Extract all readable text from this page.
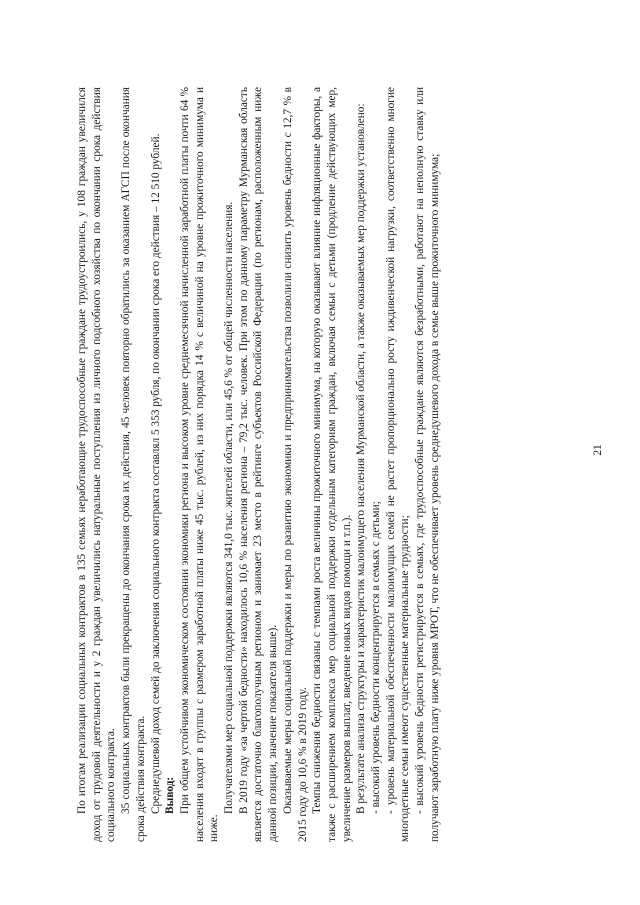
21

По итогам реализации социальных контрактов в 135 семьях неработающие трудоспособные граждане трудоустроились, у 108 граждан увеличился доход от трудовой деятельности и у 2 граждан увеличились натуральные поступления из личного подсобного хозяйства по окончании срока действия социального контракта. 35 социальных контрактов были прекращены до окончания срока их действия, 45 человек повторно обратились за оказанием АГСП после окончания срока действия контракта. Среднедушевой доход семей до заключения социального контракта составлял 5 353 рубля, по окончании срока его действия – 12 510 рублей. Вывод: При общем устойчивом экономическом состоянии экономики региона и высоком уровне среднемесячной начисленной заработной платы почти 64 % населения входят в группы с размером заработной платы ниже 45 тыс. рублей, из них порядка 14 % с величиной на уровне прожиточного минимума и ниже.

Получателями мер социальной поддержки являются 341,0 тыс. жителей области, или 45,6 % от общей численности населения. В 2019 году «за чертой бедности» находилось 10,6 % населения региона – 79,2 тыс. человек. При этом по данному параметру Мурманская область является достаточно благополучным регионом и занимает 23 место в рейтинге субъектов Российской Федерации (по регионам, расположенным ниже данной позиции, значение показателя выше). Оказываемые меры социальной поддержки и меры по развитию экономики и предпринимательства позволили снизить уровень бедности с 12,7 % в 2015 году до 10,6 % в 2019 году. Темпы снижения бедности связаны с темпами роста величины прожиточного минимума, на которую оказывают влияние инфляционные факторы, а также с расширением комплекса мер социальной поддержки отдельным категориям граждан, включая семьи с детьми (продление действующих мер, увеличение размеров выплат, введение новых видов помощи и т.п.). В результате анализа структуры и характеристик малоимущего населения Мурманской области, а также оказываемых мер поддержки установлено: - высокий уровень бедности концентрируется в семьях с детьми; - уровень материальной обеспеченности малоимущих семей не растет пропорционально росту иждивенческой нагрузки, соответственно многие многодетные семьи имеют существенные материальные трудности; - высокий уровень бедности регистрируется в семьях, где трудоспособные граждане являются безработными, работают на неполную ставку или получают заработную плату ниже уровня МРОТ, что не обеспечивает уровень среднедушевого дохода в семье выше прожиточного минимума;
